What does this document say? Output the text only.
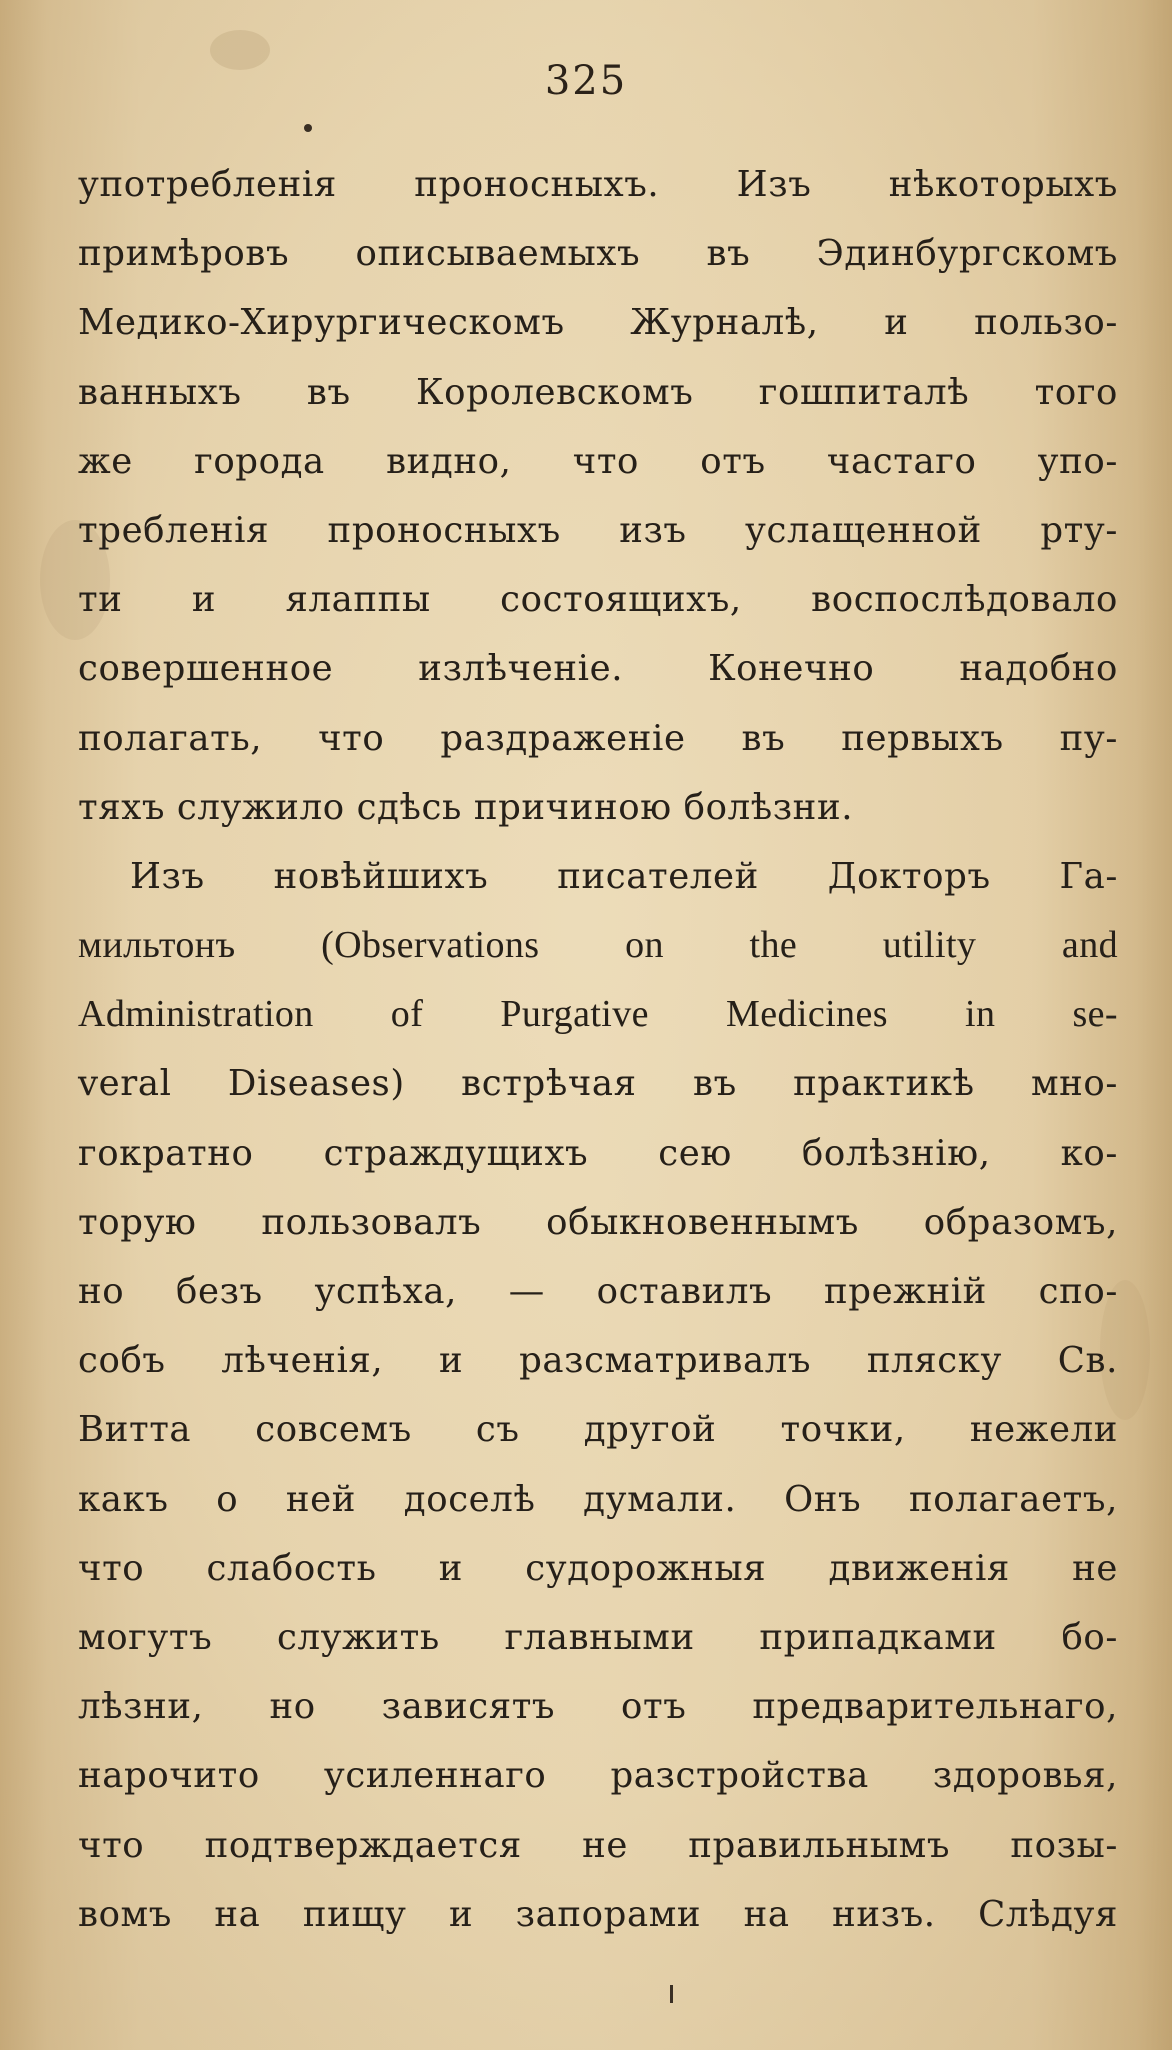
325
употребленія проносныхъ. Изъ нѣкоторыхъ
примѣровъ описываемыхъ въ Эдинбургскомъ
Медико-Хирургическомъ Журналѣ, и пользо-
ванныхъ въ Королевскомъ гошпиталѣ того
же города видно, что отъ частаго упо-
требленія проносныхъ изъ услащенной рту-
ти и ялаппы состоящихъ, воспослѣдовало
совершенное излѣченіе. Конечно надобно
полагать, что раздраженіе въ первыхъ пу-
тяхъ служило сдѣсь причиною болѣзни.
Изъ новѣйшихъ писателей Докторъ Га-
мильтонъ (Observations on the utility and
Administration of Purgative Medicines in se-
veral Diseases) встрѣчая въ практикѣ мно-
гократно страждущихъ сею болѣзнію, ко-
торую пользовалъ обыкновеннымъ образомъ,
но безъ успѣха, — оставилъ прежній спо-
собъ лѣченія, и разсматривалъ пляску Св.
Витта совсемъ съ другой точки, нежели
какъ о ней доселѣ думали. Онъ полагаетъ,
что слабость и судорожныя движенія не
могутъ служить главными припадками бо-
лѣзни, но зависятъ отъ предварительнаго,
нарочито усиленнаго разстройства здоровья,
что подтверждается не правильнымъ позы-
вомъ на пищу и запорами на низъ. Слѣдуя
